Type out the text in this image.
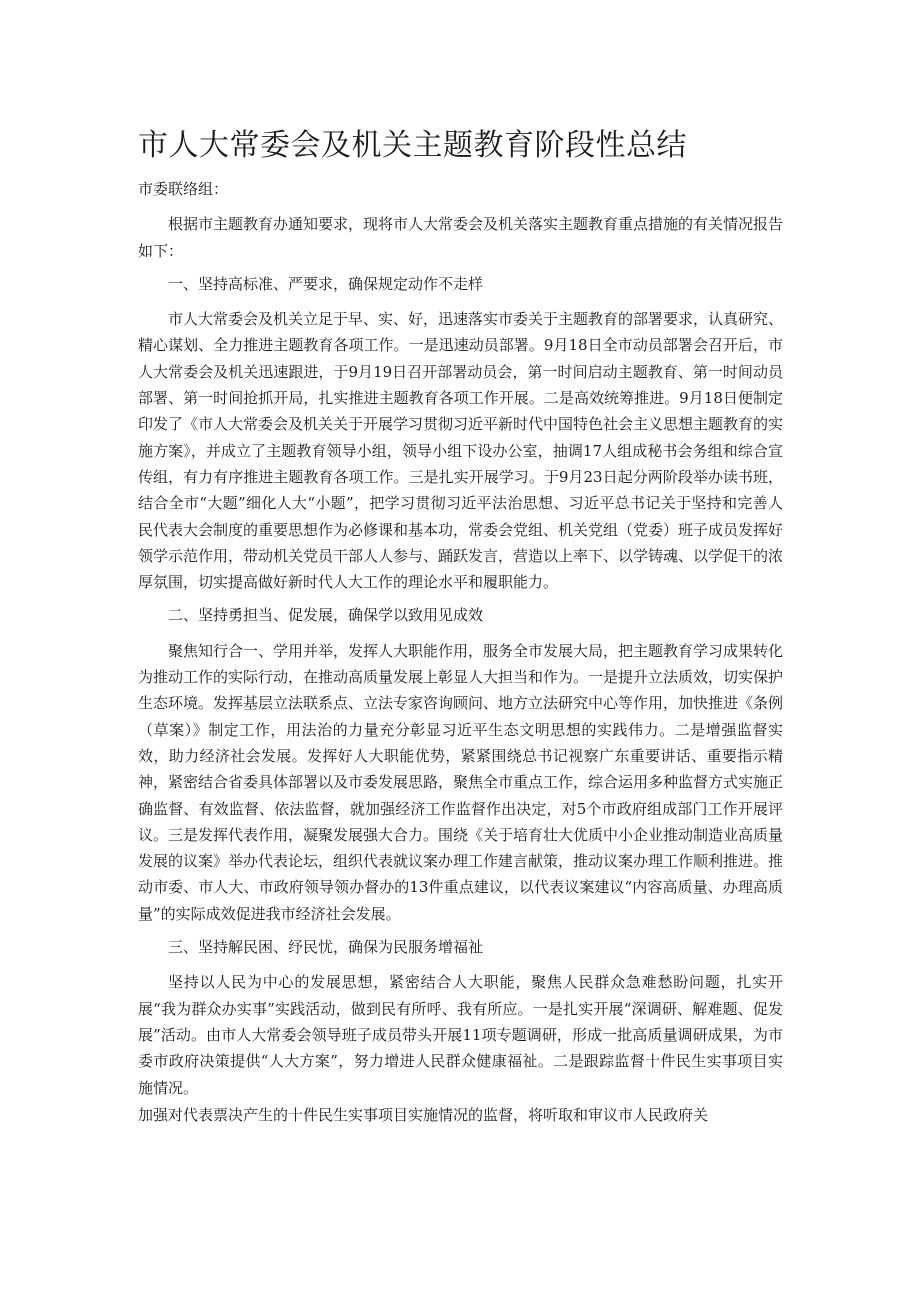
市人大常委会及机关主题教育阶段性总结

市委联络组：

根据市主题教育办通知要求，现将市人大常委会及机关落实主题教育重点措施的有关情况报告如下：

一、坚持高标准、严要求，确保规定动作不走样

市人大常委会及机关立足于早、实、好，迅速落实市委关于主题教育的部署要求，认真研究、精心谋划、全力推进主题教育各项工作。一是迅速动员部署。9月18日全市动员部署会召开后，市人大常委会及机关迅速跟进，于9月19日召开部署动员会，第一时间启动主题教育、第一时间动员部署、第一时间抢抓开局，扎实推进主题教育各项工作开展。二是高效统筹推进。9月18日便制定印发了《市人大常委会及机关关于开展学习贯彻习近平新时代中国特色社会主义思想主题教育的实施方案》，并成立了主题教育领导小组，领导小组下设办公室，抽调17人组成秘书会务组和综合宣传组，有力有序推进主题教育各项工作。三是扎实开展学习。于9月23日起分两阶段举办读书班，结合全市“大题”细化人大“小题”，把学习贯彻习近平法治思想、习近平总书记关于坚持和完善人民代表大会制度的重要思想作为必修课和基本功，常委会党组、机关党组（党委）班子成员发挥好领学示范作用，带动机关党员干部人人参与、踊跃发言，营造以上率下、以学铸魂、以学促干的浓厚氛围，切实提高做好新时代人大工作的理论水平和履职能力。

二、坚持勇担当、促发展，确保学以致用见成效

聚焦知行合一、学用并举，发挥人大职能作用，服务全市发展大局，把主题教育学习成果转化为推动工作的实际行动，在推动高质量发展上彰显人大担当和作为。一是提升立法质效，切实保护生态环境。发挥基层立法联系点、立法专家咨询顾问、地方立法研究中心等作用，加快推进《条例（草案）》制定工作，用法治的力量充分彰显习近平生态文明思想的实践伟力。二是增强监督实效，助力经济社会发展。发挥好人大职能优势，紧紧围绕总书记视察广东重要讲话、重要指示精神，紧密结合省委具体部署以及市委发展思路，聚焦全市重点工作，综合运用多种监督方式实施正确监督、有效监督、依法监督，就加强经济工作监督作出决定，对5个市政府组成部门工作开展评议。三是发挥代表作用，凝聚发展强大合力。围绕《关于培育壮大优质中小企业推动制造业高质量发展的议案》举办代表论坛，组织代表就议案办理工作建言献策，推动议案办理工作顺利推进。推动市委、市人大、市政府领导领办督办的13件重点建议，以代表议案建议“内容高质量、办理高质量”的实际成效促进我市经济社会发展。

三、坚持解民困、纾民忧，确保为民服务增福祉

坚持以人民为中心的发展思想，紧密结合人大职能，聚焦人民群众急难愁盼问题，扎实开展“我为群众办实事”实践活动，做到民有所呼、我有所应。一是扎实开展“深调研、解难题、促发展”活动。由市人大常委会领导班子成员带头开展11项专题调研，形成一批高质量调研成果，为市委市政府决策提供“人大方案”，努力增进人民群众健康福祉。二是跟踪监督十件民生实事项目实施情况。

加强对代表票决产生的十件民生实事项目实施情况的监督，将听取和审议市人民政府关
